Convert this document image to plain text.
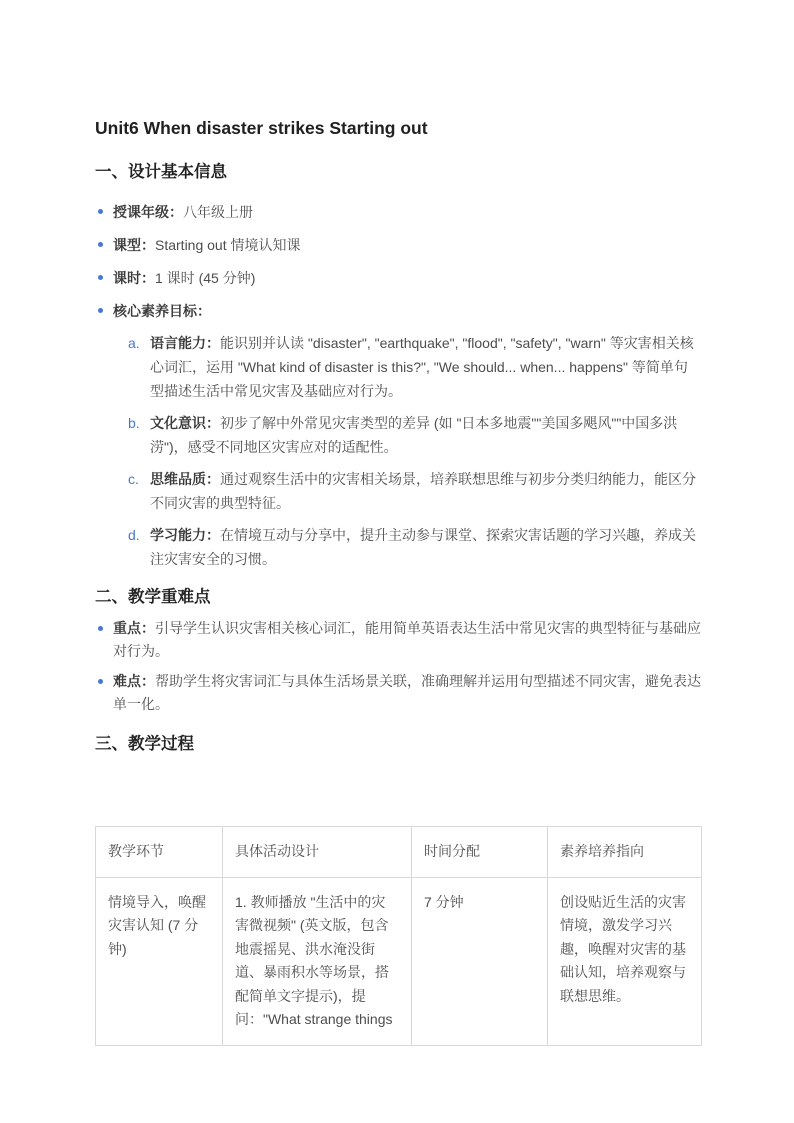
Unit6 When disaster strikes Starting out
一、设计基本信息
授课年级：八年级上册
课型：Starting out 情境认知课
课时：1 课时 (45 分钟)
核心素养目标：
a. 语言能力：能识别并认读 "disaster", "earthquake", "flood", "safety", "warn" 等灾害相关核心词汇，运用 "What kind of disaster is this?", "We should... when... happens" 等简单句型描述生活中常见灾害及基础应对行为。
b. 文化意识：初步了解中外常见灾害类型的差异 (如 "日本多地震""美国多飓风""中国多洪涝")，感受不同地区灾害应对的适配性。
c. 思维品质：通过观察生活中的灾害相关场景，培养联想思维与初步分类归纳能力，能区分不同灾害的典型特征。
d. 学习能力：在情境互动与分享中，提升主动参与课堂、探索灾害话题的学习兴趣，养成关注灾害安全的习惯。
二、教学重难点
重点：引导学生认识灾害相关核心词汇，能用简单英语表达生活中常见灾害的典型特征与基础应对行为。
难点：帮助学生将灾害词汇与具体生活场景关联，准确理解并运用句型描述不同灾害，避免表达单一化。
三、教学过程
教学环节	具体活动设计	时间分配	素养培养指向
情境导入，唤醒灾害认知 (7 分钟)	1. 教师播放 "生活中的灾害微视频" (英文版，包含地震摇晃、洪水淹没街道、暴雨积水等场景，搭配简单文字提示)，提问："What strange things	7 分钟	创设贴近生活的灾害情境，激发学习兴趣，唤醒对灾害的基础认知，培养观察与联想思维。
